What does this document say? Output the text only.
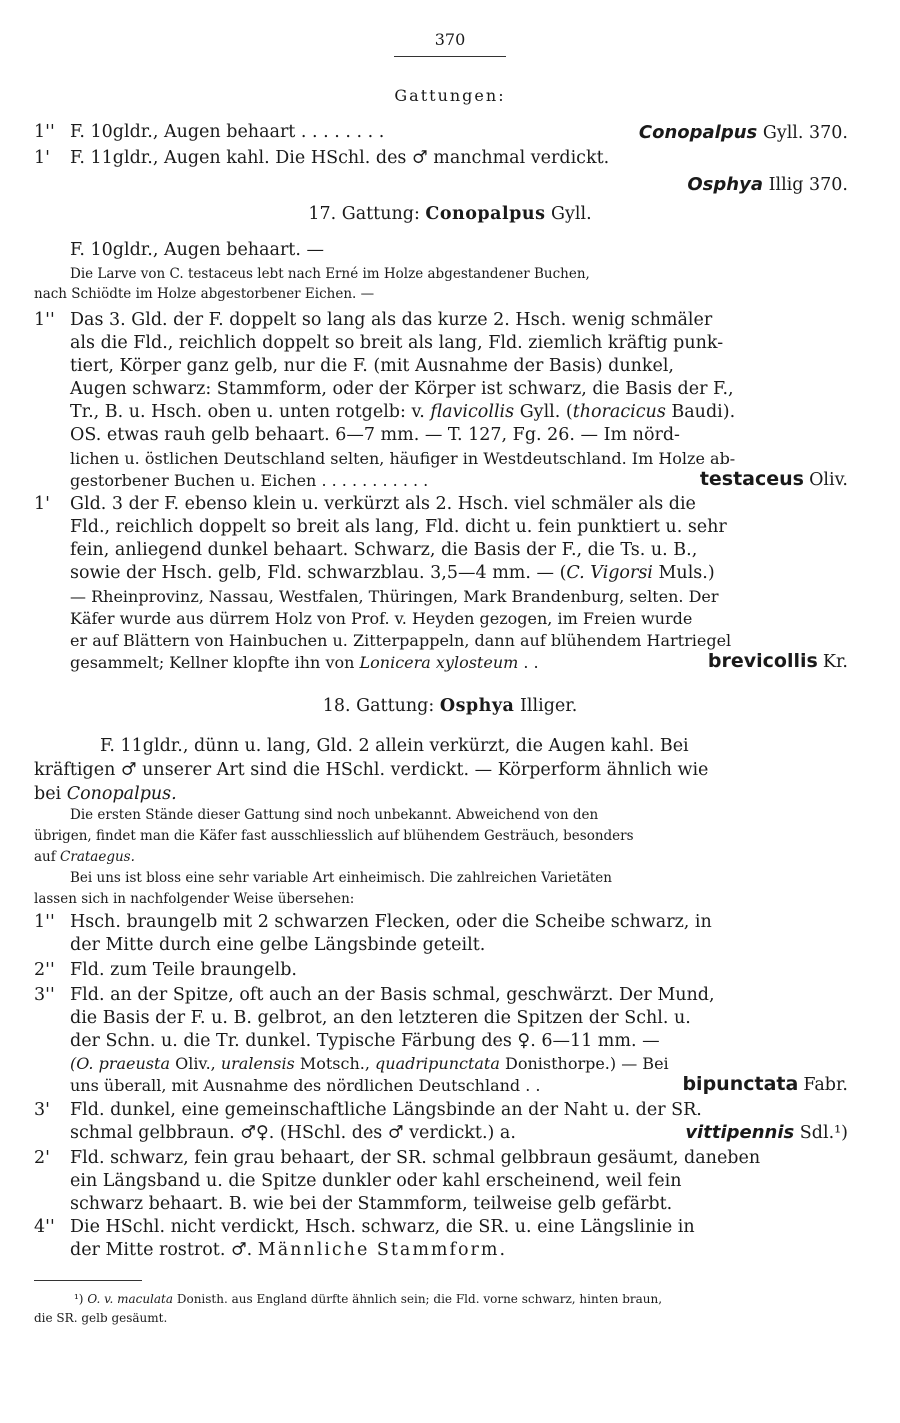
370
Gattungen:
1'' F. 10gldr., Augen behaart . . . . . . . .	Conopalpus Gyll. 370.
1' F. 11gldr., Augen kahl. Die HSchl. des ♂ manchmal verdickt.
Osphya Illig 370.
17. Gattung: Conopalpus Gyll.
F. 10gldr., Augen behaart. —
Die Larve von C. testaceus lebt nach Erné im Holze abgestandener Buchen,
nach Schiödte im Holze abgestorbener Eichen. —
1'' Das 3. Gld. der F. doppelt so lang als das kurze 2. Hsch. wenig schmäler
als die Fld., reichlich doppelt so breit als lang, Fld. ziemlich kräftig punk-
tiert, Körper ganz gelb, nur die F. (mit Ausnahme der Basis) dunkel,
Augen schwarz: Stammform, oder der Körper ist schwarz, die Basis der F.,
Tr., B. u. Hsch. oben u. unten rotgelb: v. flavicollis Gyll. (thoracicus Baudi).
OS. etwas rauh gelb behaart. 6—7 mm. — T. 127, Fg. 26. — Im nörd-
lichen u. östlichen Deutschland selten, häufiger in Westdeutschland. Im Holze ab-
gestorbener Buchen u. Eichen . . . . . . . . . . .	testaceus Oliv.
1' Gld. 3 der F. ebenso klein u. verkürzt als 2. Hsch. viel schmäler als die
Fld., reichlich doppelt so breit als lang, Fld. dicht u. fein punktiert u. sehr
fein, anliegend dunkel behaart. Schwarz, die Basis der F., die Ts. u. B.,
sowie der Hsch. gelb, Fld. schwarzblau. 3,5—4 mm. — (C. Vigorsi Muls.)
— Rheinprovinz, Nassau, Westfalen, Thüringen, Mark Brandenburg, selten. Der
Käfer wurde aus dürrem Holz von Prof. v. Heyden gezogen, im Freien wurde
er auf Blättern von Hainbuchen u. Zitterpappeln, dann auf blühendem Hartriegel
gesammelt; Kellner klopfte ihn von Lonicera xylosteum . .	brevicollis Kr.
18. Gattung: Osphya Illiger.
F. 11gldr., dünn u. lang, Gld. 2 allein verkürzt, die Augen kahl. Bei
kräftigen ♂ unserer Art sind die HSchl. verdickt. — Körperform ähnlich wie
bei Conopalpus.
Die ersten Stände dieser Gattung sind noch unbekannt. Abweichend von den
übrigen, findet man die Käfer fast ausschliesslich auf blühendem Gesträuch, besonders
auf Crataegus.
Bei uns ist bloss eine sehr variable Art einheimisch. Die zahlreichen Varietäten
lassen sich in nachfolgender Weise übersehen:
1'' Hsch. braungelb mit 2 schwarzen Flecken, oder die Scheibe schwarz, in
der Mitte durch eine gelbe Längsbinde geteilt.
2'' Fld. zum Teile braungelb.
3'' Fld. an der Spitze, oft auch an der Basis schmal, geschwärzt. Der Mund,
die Basis der F. u. B. gelbrot, an den letzteren die Spitzen der Schl. u.
der Schn. u. die Tr. dunkel. Typische Färbung des ♀. 6—11 mm. —
(O. praeusta Oliv., uralensis Motsch., quadripunctata Donisthorpe.) — Bei
uns überall, mit Ausnahme des nördlichen Deutschland . .	bipunctata Fabr.
3' Fld. dunkel, eine gemeinschaftliche Längsbinde an der Naht u. der SR.
schmal gelbbraun. ♂♀. (HSchl. des ♂ verdickt.) a.	vittipennis Sdl.¹)
2' Fld. schwarz, fein grau behaart, der SR. schmal gelbbraun gesäumt, daneben
ein Längsband u. die Spitze dunkler oder kahl erscheinend, weil fein
schwarz behaart. B. wie bei der Stammform, teilweise gelb gefärbt.
4'' Die HSchl. nicht verdickt, Hsch. schwarz, die SR. u. eine Längslinie in
der Mitte rostrot. ♂. Männliche Stammform.
¹) O. v. maculata Donisth. aus England dürfte ähnlich sein; die Fld. vorne schwarz, hinten braun,
die SR. gelb gesäumt.
